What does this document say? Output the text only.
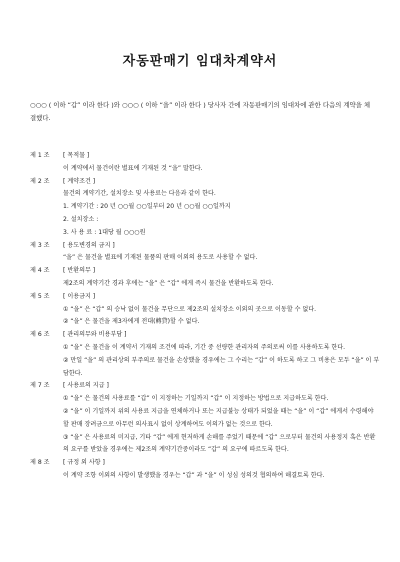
자동판매기 임대차계약서
○○○ ( 이하 “갑” 이라 한다 )와 ○○○ ( 이하 “을” 이라 한다 ) 당사자 간에 자동판매기의 임대차에 관한 다음의 계약을 체결했다.
제 1 조	[ 목적물 ]
이 계약에서 물건이란 별표에 기재된 것 “을” 말한다.
제 2 조	[ 계약조건 ]
물건의 계약기간, 설치장소 및 사용료는 다음과 같이 한다.
1. 계약기간 : 20 년 ○○월 ○○일부터 20 년 ○○월 ○○일까지
2. 설치장소 :
3. 사 용 료 : 1대당 월 ○○○원
제 3 조	[ 용도변경의 금지 ]
“을” 은 물건을 별표에 기재된 물품의 판매 이외의 용도로 사용할 수 없다.
제 4 조	[ 반환의무 ]
제2조의 계약기간 경과 후에는 “을” 은 “갑” 에게 즉시 물건을 반환하도록 한다.
제 5 조	[ 이용금지 ]
① “을” 은 “갑” 의 승낙 없이 물건을 무단으로 제2조의 설치장소 이외의 곳으로 이동할 수 없다.
② “을” 은 물건을 제3자에게 전대(轉貸)할 수 없다.
제 6 조	[ 관리의무와 비용부담 ]
① “을” 은 물건을 이 계약서 기재의 조건에 따라, 기간 중 선량한 관리자의 주의로써 이를 사용하도록 한다.
② 만일 “을” 의 관리상의 부주의로 물건을 손상했을 경우에는 그 수리는 “갑” 이 하도록 하고 그 비용은 모두 “을” 이 부담한다.
제 7 조	[ 사용료의 지급 ]
① “을” 은 물건의 사용료를 “갑” 이 지정하는 기일까지 “갑” 이 지정하는 방법으로 지급하도록 한다.
② “을” 이 기일까지 위의 사용료 지급을 연체하거나 또는 지급불능 상태가 되었을 때는 “을” 이 “갑” 에게서 수령해야 할 판매 장려금으로 아무런 의사표시 없이 상계하여도 이의가 없는 것으로 한다.
③ “을” 은 사용료의 미지급, 기타 “갑” 에게 현저하게 손해를 주었기 때문에 “갑” 으로부터 물건의 사용정지 혹은 반환의 요구를 받았을 경우에는 제2조의 계약기간중이라도 “갑” 의 요구에 따르도록 한다.
제 8 조	[ 규정 외 사항 ]
이 계약 조항 이외의 사항이 발생했을 경우는 “갑” 과 “을” 이 성심 성의것 협의하여 해결토록 한다.
